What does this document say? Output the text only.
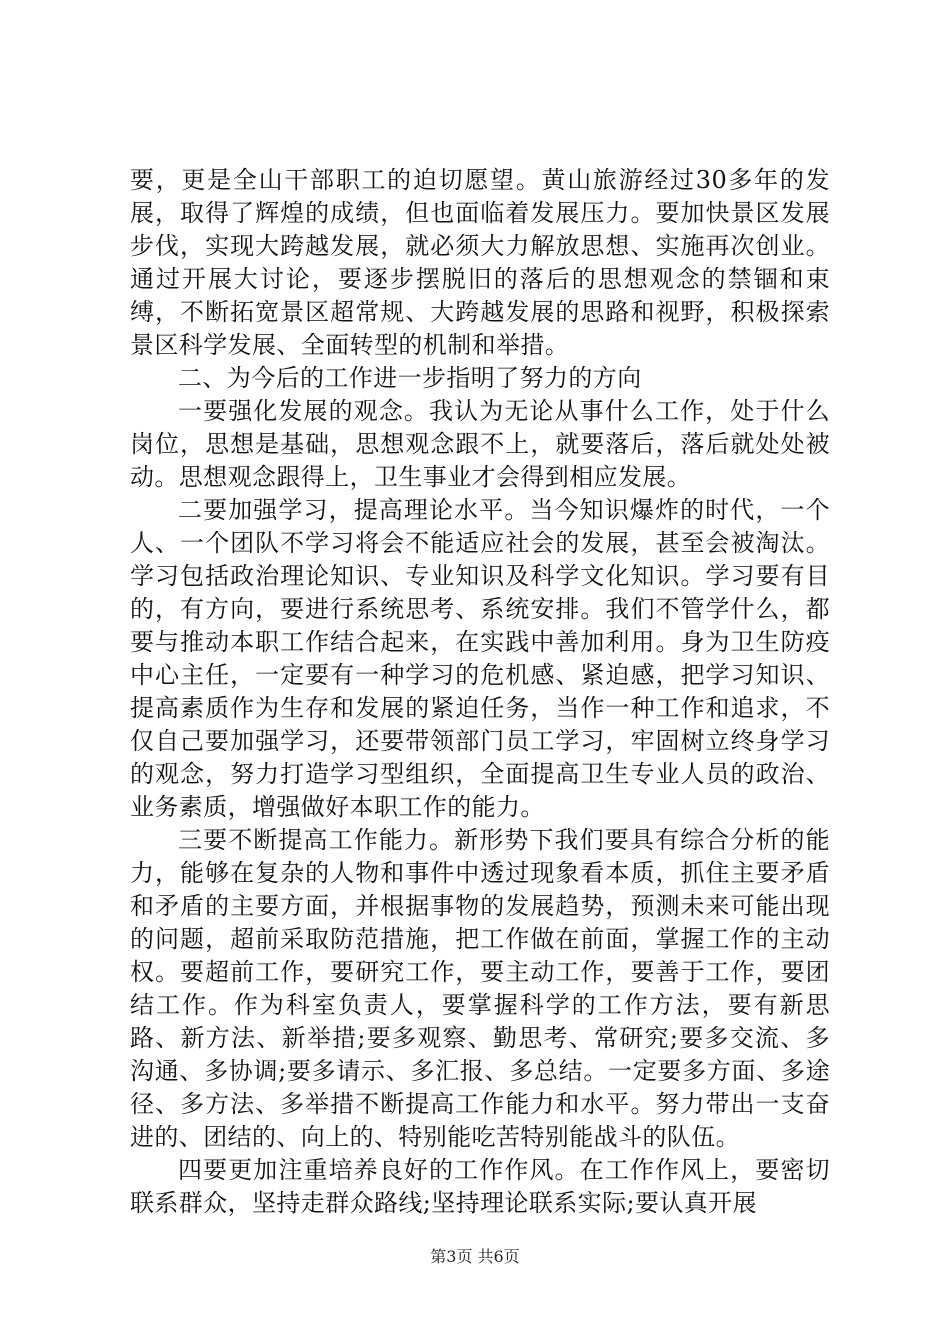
要，更是全山干部职工的迫切愿望。黄山旅游经过30多年的发展，取得了辉煌的成绩，但也面临着发展压力。要加快景区发展步伐，实现大跨越发展，就必须大力解放思想、实施再次创业。通过开展大讨论，要逐步摆脱旧的落后的思想观念的禁锢和束缚，不断拓宽景区超常规、大跨越发展的思路和视野，积极探索景区科学发展、全面转型的机制和举措。

二、为今后的工作进一步指明了努力的方向

一要强化发展的观念。我认为无论从事什么工作，处于什么岗位，思想是基础，思想观念跟不上，就要落后，落后就处处被动。思想观念跟得上，卫生事业才会得到相应发展。

二要加强学习，提高理论水平。当今知识爆炸的时代，一个人、一个团队不学习将会不能适应社会的发展，甚至会被淘汰。学习包括政治理论知识、专业知识及科学文化知识。学习要有目的，有方向，要进行系统思考、系统安排。我们不管学什么，都要与推动本职工作结合起来，在实践中善加利用。身为卫生防疫中心主任，一定要有一种学习的危机感、紧迫感，把学习知识、提高素质作为生存和发展的紧迫任务，当作一种工作和追求，不仅自己要加强学习，还要带领部门员工学习，牢固树立终身学习的观念，努力打造学习型组织，全面提高卫生专业人员的政治、业务素质，增强做好本职工作的能力。

三要不断提高工作能力。新形势下我们要具有综合分析的能力，能够在复杂的人物和事件中透过现象看本质，抓住主要矛盾和矛盾的主要方面，并根据事物的发展趋势，预测未来可能出现的问题，超前采取防范措施，把工作做在前面，掌握工作的主动权。要超前工作，要研究工作，要主动工作，要善于工作，要团结工作。作为科室负责人，要掌握科学的工作方法，要有新思路、新方法、新举措;要多观察、勤思考、常研究;要多交流、多沟通、多协调;要多请示、多汇报、多总结。一定要多方面、多途径、多方法、多举措不断提高工作能力和水平。努力带出一支奋进的、团结的、向上的、特别能吃苦特别能战斗的队伍。

四要更加注重培养良好的工作作风。在工作作风上，要密切联系群众，坚持走群众路线;坚持理论联系实际;要认真开展

第3页 共6页
